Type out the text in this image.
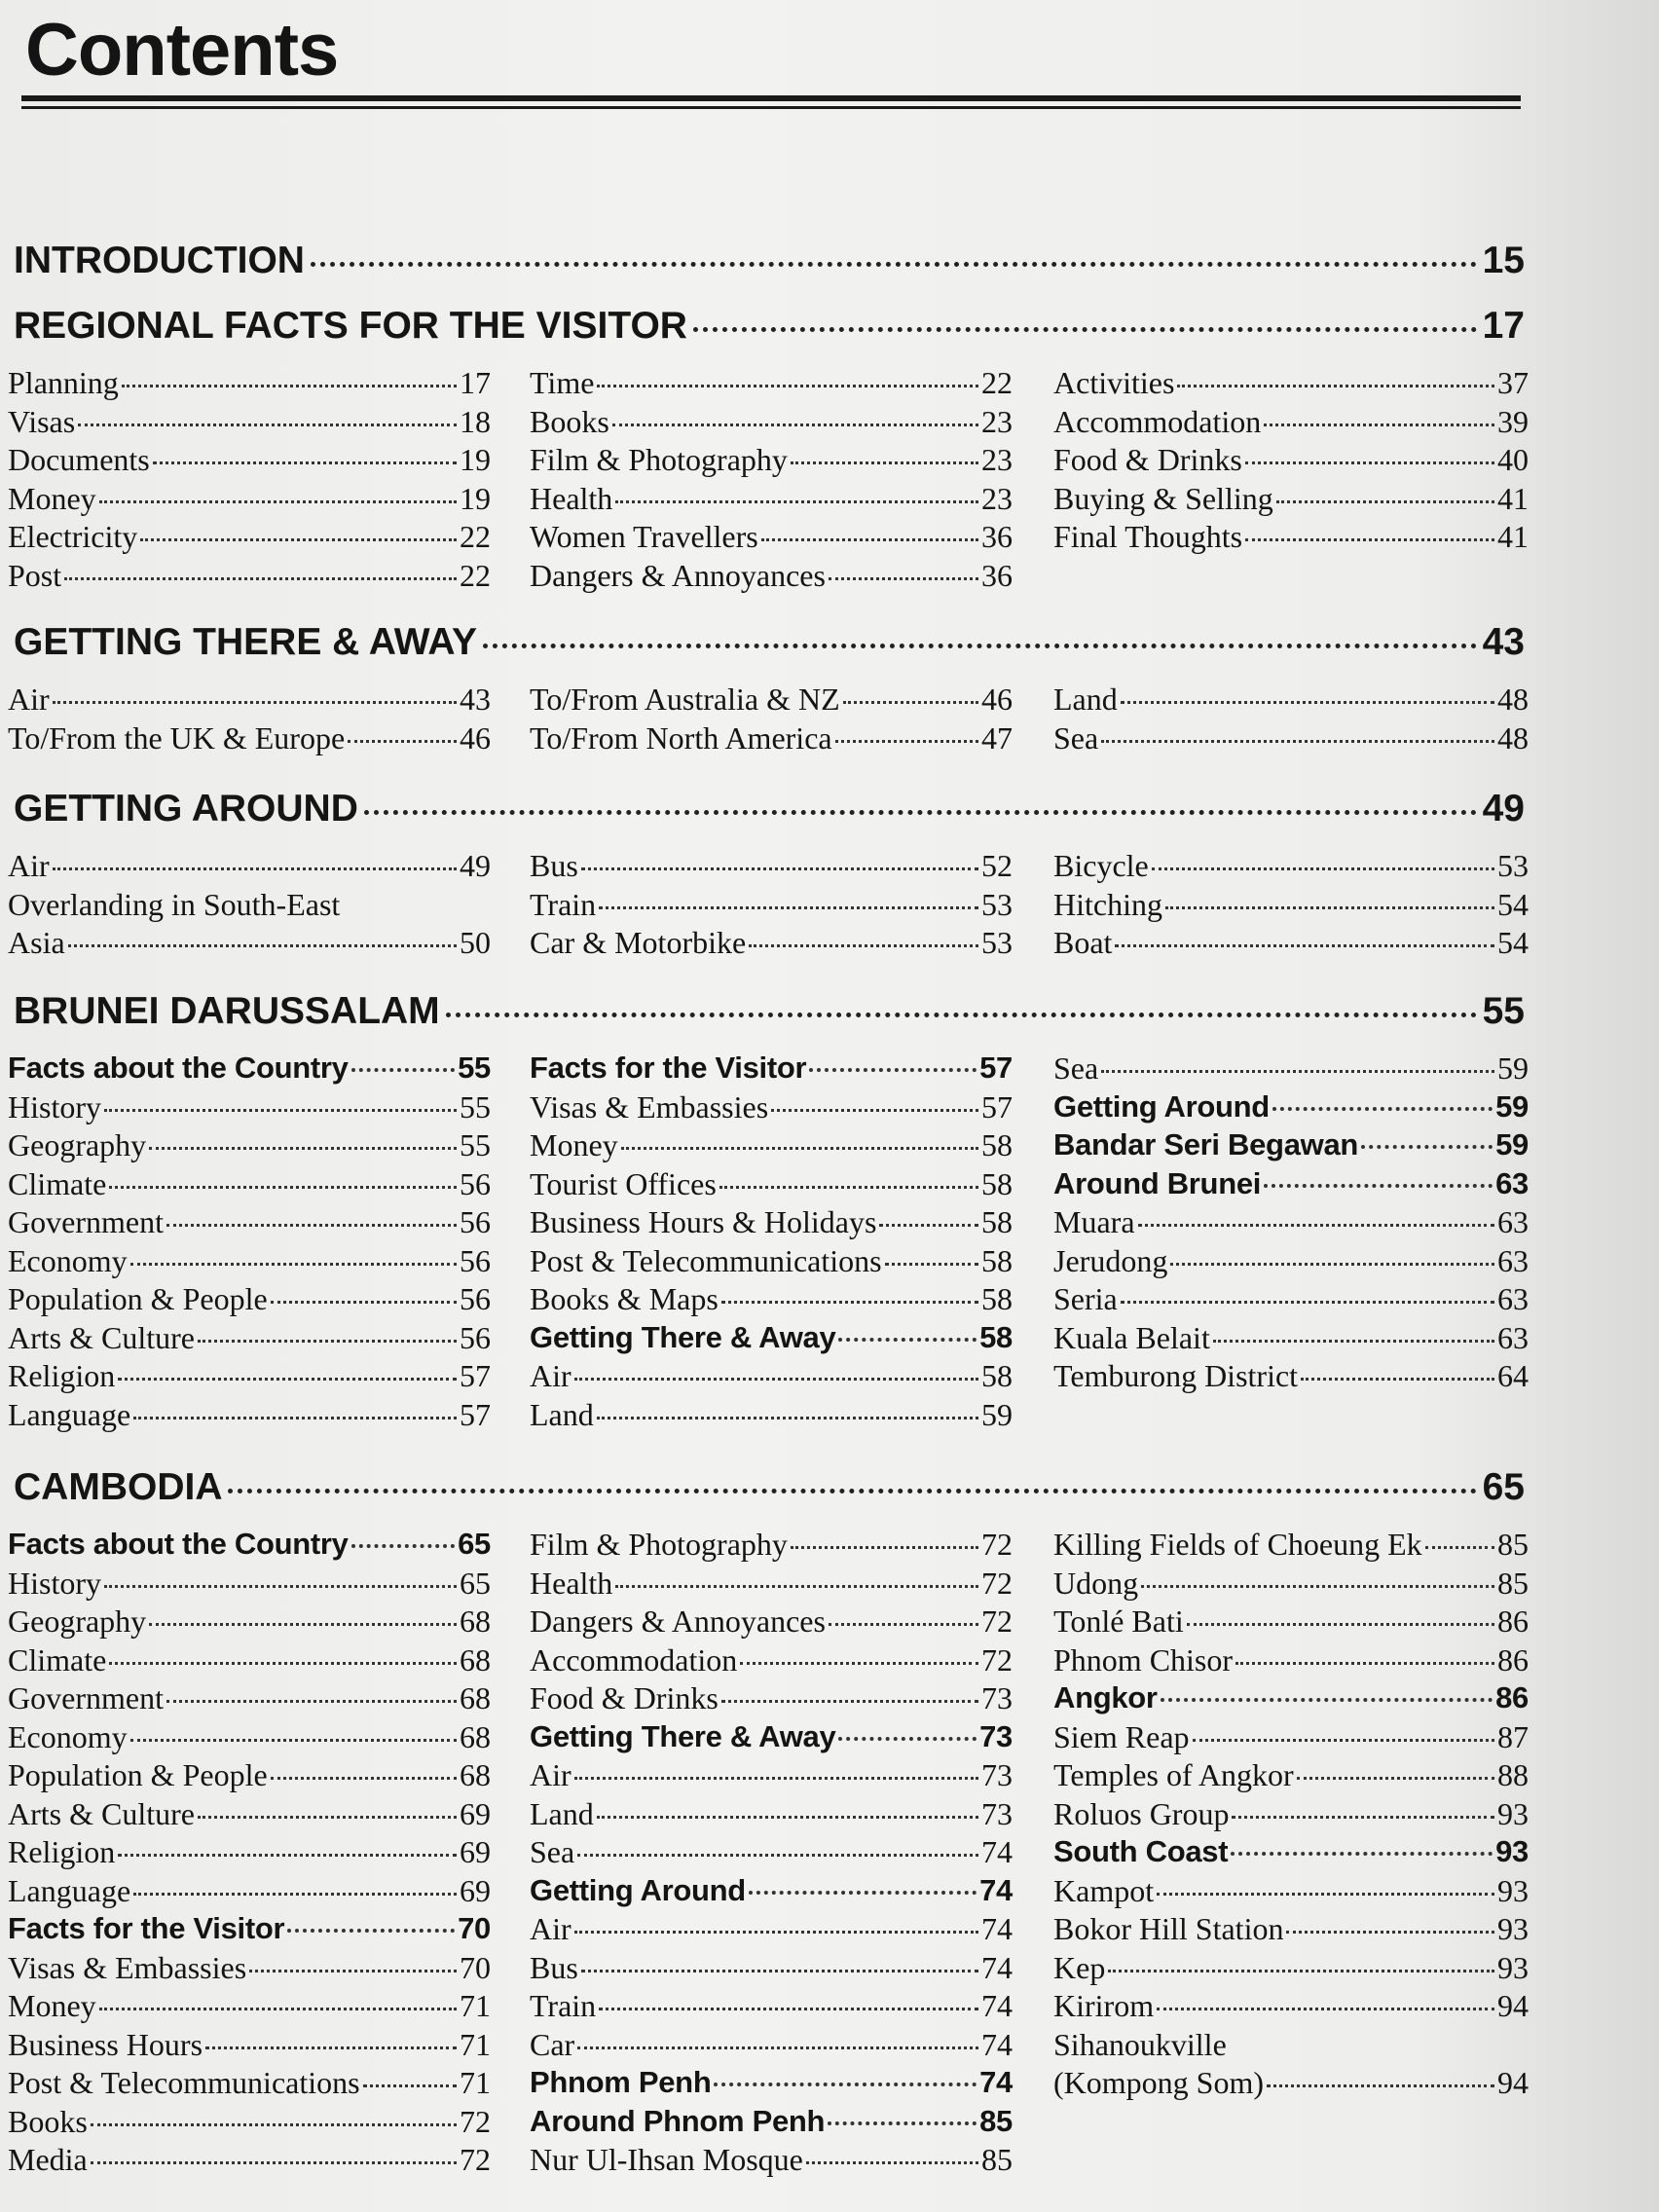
Contents
INTRODUCTION	15
REGIONAL FACTS FOR THE VISITOR	17
Planning	17
Visas	18
Documents	19
Money	19
Electricity	22
Post	22
Time	22
Books	23
Film & Photography	23
Health	23
Women Travellers	36
Dangers & Annoyances	36
Activities	37
Accommodation	39
Food & Drinks	40
Buying & Selling	41
Final Thoughts	41
GETTING THERE & AWAY	43
Air	43
To/From the UK & Europe	46
To/From Australia & NZ	46
To/From North America	47
Land	48
Sea	48
GETTING AROUND	49
Air	49
Overlanding in South-East
Asia	50
Bus	52
Train	53
Car & Motorbike	53
Bicycle	53
Hitching	54
Boat	54
BRUNEI DARUSSALAM	55
Facts about the Country	55
History	55
Geography	55
Climate	56
Government	56
Economy	56
Population & People	56
Arts & Culture	56
Religion	57
Language	57
Facts for the Visitor	57
Visas & Embassies	57
Money	58
Tourist Offices	58
Business Hours & Holidays	58
Post & Telecommunications	58
Books & Maps	58
Getting There & Away	58
Air	58
Land	59
Sea	59
Getting Around	59
Bandar Seri Begawan	59
Around Brunei	63
Muara	63
Jerudong	63
Seria	63
Kuala Belait	63
Temburong District	64
CAMBODIA	65
Facts about the Country	65
History	65
Geography	68
Climate	68
Government	68
Economy	68
Population & People	68
Arts & Culture	69
Religion	69
Language	69
Facts for the Visitor	70
Visas & Embassies	70
Money	71
Business Hours	71
Post & Telecommunications	71
Books	72
Media	72
Film & Photography	72
Health	72
Dangers & Annoyances	72
Accommodation	72
Food & Drinks	73
Getting There & Away	73
Air	73
Land	73
Sea	74
Getting Around	74
Air	74
Bus	74
Train	74
Car	74
Phnom Penh	74
Around Phnom Penh	85
Nur Ul-Ihsan Mosque	85
Killing Fields of Choeung Ek 85
Udong	85
Tonlé Bati	86
Phnom Chisor	86
Angkor	86
Siem Reap	87
Temples of Angkor	88
Roluos Group	93
South Coast	93
Kampot	93
Bokor Hill Station	93
Kep	93
Kirirom	94
Sihanoukville
(Kompong Som)	94
